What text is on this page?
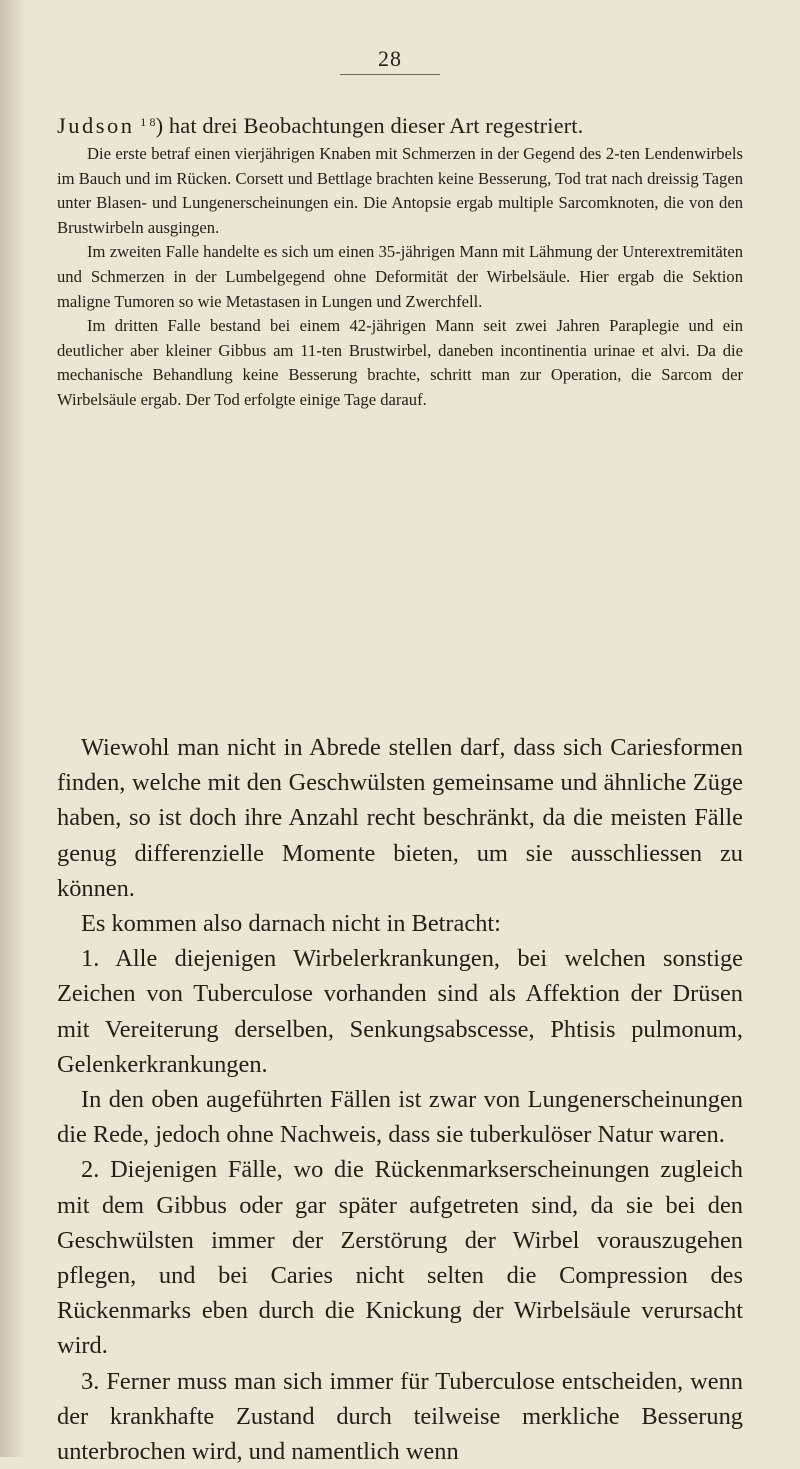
28

Judson $^{1 8}$) hat drei Beobachtungen dieser Art regestriert.
Die erste betraf einen vierjährigen Knaben mit Schmerzen in der Gegend des 2-ten Lendenwirbels im Bauch und im Rücken. Corsett und Bettlage brachten keine Besserung, Tod trat nach dreissig Tagen unter Blasen- und Lungenerscheinungen ein. Die Antopsie ergab multiple Sarcomknoten, die von den Brustwirbeln ausgingen.

Im zweiten Falle handelte es sich um einen 35-jährigen Mann mit Lähmung der Unterextremitäten und Schmerzen in der Lumbelgegend ohne Deformität der Wirbelsäule. Hier ergab die Sektion maligne Tumoren so wie Metastasen in Lungen und Zwerchfell.

Im dritten Falle bestand bei einem 42-jährigen Mann seit zwei Jahren Paraplegie und ein deutlicher aber kleiner Gibbus am 11-ten Brustwirbel, daneben incontinentia urinae et alvi. Da die mechanische Behandlung keine Besserung brachte, schritt man zur Operation, die Sarcom der Wirbelsäule ergab. Der Tod erfolgte einige Tage darauf.

Wiewohl man nicht in Abrede stellen darf, dass sich Cariesformen finden, welche mit den Geschwülsten gemeinsame und ähnliche Züge haben, so ist doch ihre Anzahl recht beschränkt, da die meisten Fälle genug differenzielle Momente bieten, um sie ausschliessen zu können.

Es kommen also darnach nicht in Betracht:

1. Alle diejenigen Wirbelerkrankungen, bei welchen sonstige Zeichen von Tuberculose vorhanden sind als Affektion der Drüsen mit Vereiterung derselben, Senkungsabscesse, Phtisis pulmonum, Gelenkerkrankungen.

In den oben augeführten Fällen ist zwar von Lungenerscheinungen die Rede, jedoch ohne Nachweis, dass sie tuberkulöser Natur waren.

2. Diejenigen Fälle, wo die Rückenmarkserscheinungen zugleich mit dem Gibbus oder gar später aufgetreten sind, da sie bei den Geschwülsten immer der Zerstörung der Wirbel vorauszugehen pflegen, und bei Caries nicht selten die Compression des Rückenmarks eben durch die Knickung der Wirbelsäule verursacht wird.

3. Ferner muss man sich immer für Tuberculose entscheiden, wenn der krankhafte Zustand durch teilweise merkliche Besserung unterbrochen wird, und namentlich wenn
